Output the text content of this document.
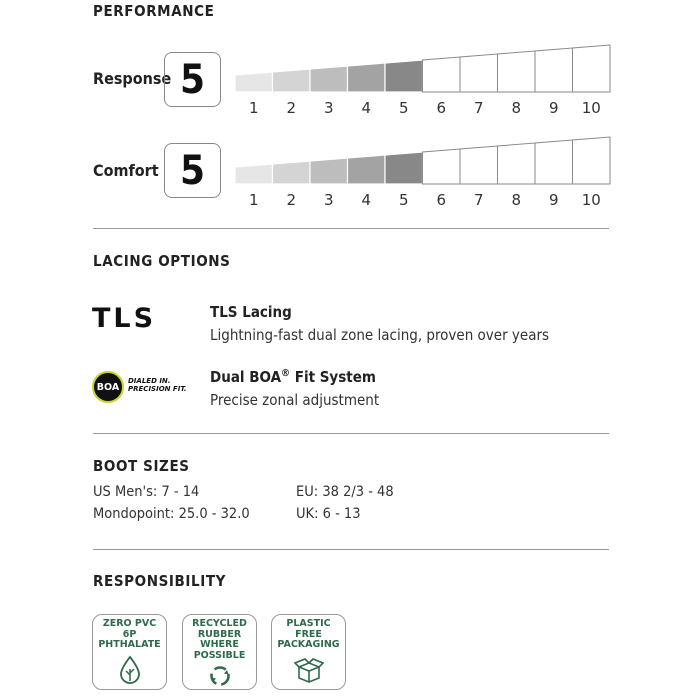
PERFORMANCE
Response 5
1 2 3 4 5 6 7 8 9 10
Comfort 5
1 2 3 4 5 6 7 8 9 10
LACING OPTIONS
TLS	TLS Lacing
Lightning-fast dual zone lacing, proven over years
BOA
DIALED IN.
PRECISION FIT.
Dual BOA® Fit System
Precise zonal adjustment
BOOT SIZES
US Men's: 7 - 14	EU: 38 2/3 - 48
Mondopoint: 25.0 - 32.0	UK: 6 - 13
RESPONSIBILITY
ZERO PVC
6P
PHTHALATE
RECYCLED
RUBBER
WHERE
POSSIBLE
PLASTIC
FREE
PACKAGING
